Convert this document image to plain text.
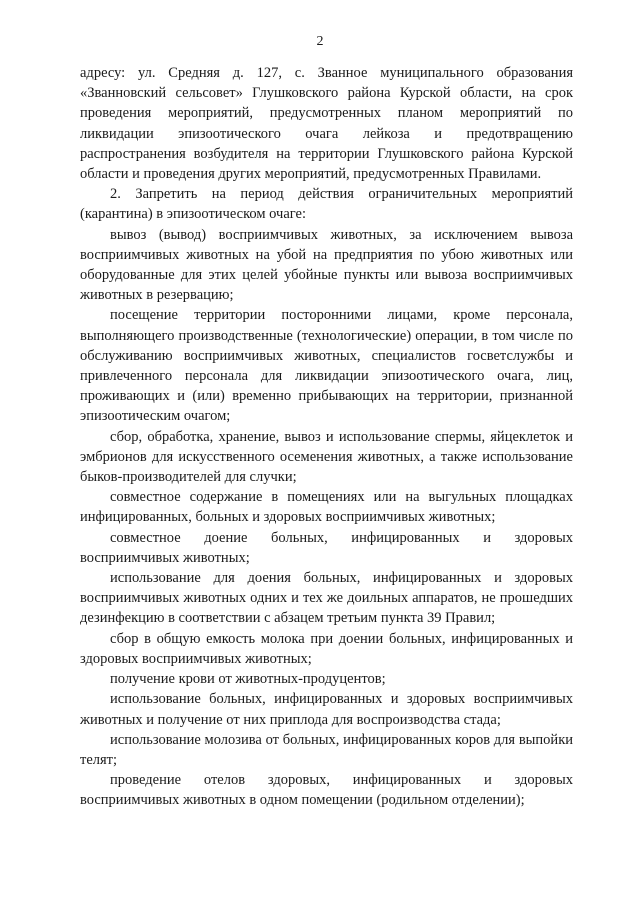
2

адресу: ул. Средняя д. 127, с. Званное муниципального образования «Званновский сельсовет» Глушковского района Курской области, на срок проведения мероприятий, предусмотренных планом мероприятий по ликвидации эпизоотического очага лейкоза и предотвращению распространения возбудителя на территории Глушковского района Курской области и проведения других мероприятий, предусмотренных Правилами.

2. Запретить на период действия ограничительных мероприятий (карантина) в эпизоотическом очаге:

вывоз (вывод) восприимчивых животных, за исключением вывоза восприимчивых животных на убой на предприятия по убою животных или оборудованные для этих целей убойные пункты или вывоза восприимчивых животных в резервацию;

посещение территории посторонними лицами, кроме персонала, выполняющего производственные (технологические) операции, в том числе по обслуживанию восприимчивых животных, специалистов госветслужбы и привлеченного персонала для ликвидации эпизоотического очага, лиц, проживающих и (или) временно прибывающих на территории, признанной эпизоотическим очагом;

сбор, обработка, хранение, вывоз и использование спермы, яйцеклеток и эмбрионов для искусственного осеменения животных, а также использование быков-производителей для случки;

совместное содержание в помещениях или на выгульных площадках инфицированных, больных и здоровых восприимчивых животных;

совместное доение больных, инфицированных и здоровых восприимчивых животных;

использование для доения больных, инфицированных и здоровых восприимчивых животных одних и тех же доильных аппаратов, не прошедших дезинфекцию в соответствии с абзацем третьим пункта 39 Правил;

сбор в общую емкость молока при доении больных, инфицированных и здоровых восприимчивых животных;

получение крови от животных-продуцентов;

использование больных, инфицированных и здоровых восприимчивых животных и получение от них приплода для воспроизводства стада;

использование молозива от больных, инфицированных коров для выпойки телят;

проведение отелов здоровых, инфицированных и здоровых восприимчивых животных в одном помещении (родильном отделении);
